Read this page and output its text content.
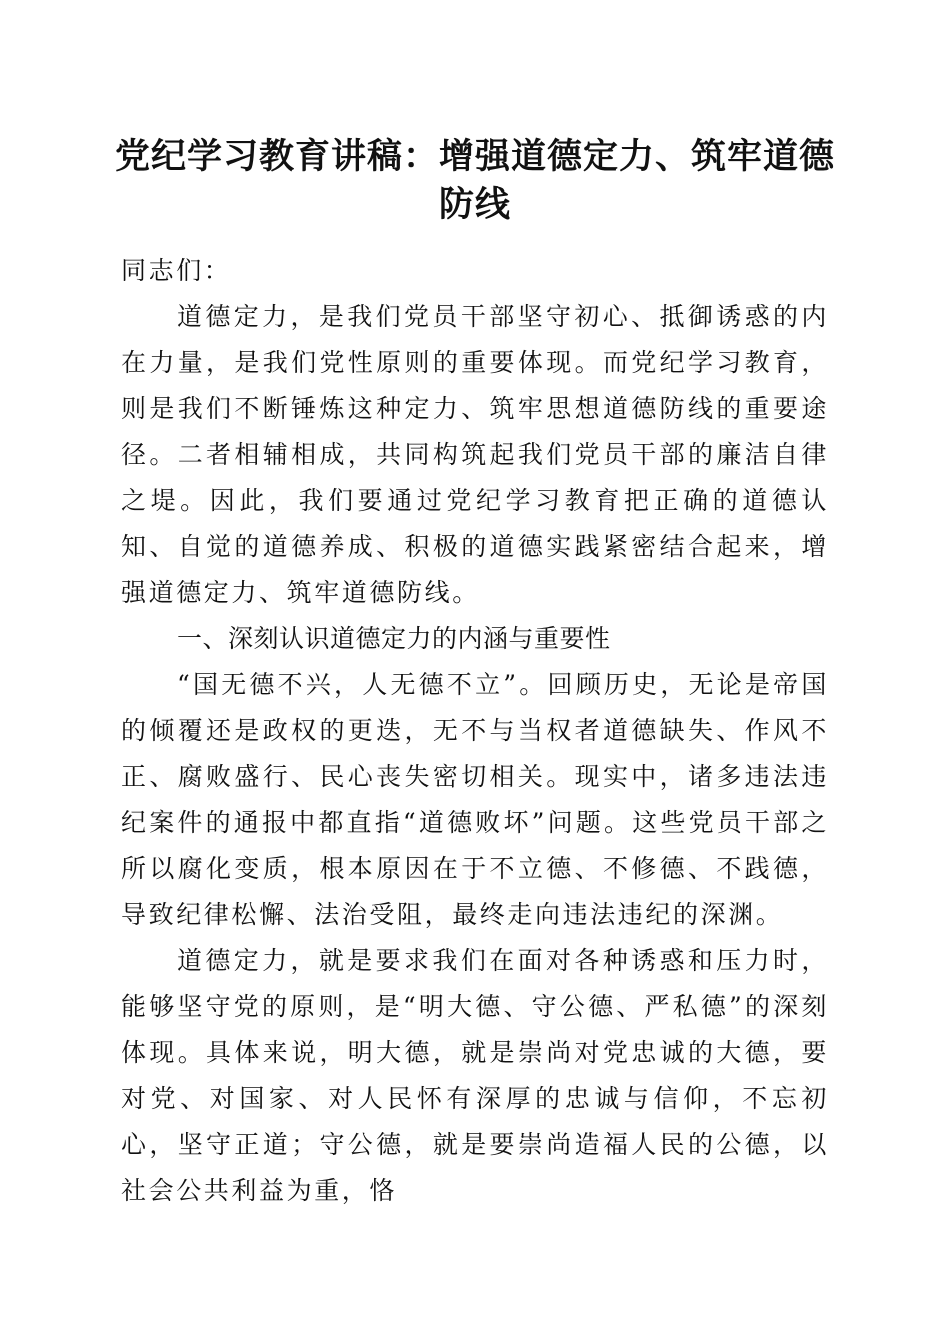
党纪学习教育讲稿：增强道德定力、筑牢道德防线

同志们：

道德定力，是我们党员干部坚守初心、抵御诱惑的内在力量，是我们党性原则的重要体现。而党纪学习教育，则是我们不断锤炼这种定力、筑牢思想道德防线的重要途径。二者相辅相成，共同构筑起我们党员干部的廉洁自律之堤。因此，我们要通过党纪学习教育把正确的道德认知、自觉的道德养成、积极的道德实践紧密结合起来，增强道德定力、筑牢道德防线。

一、深刻认识道德定力的内涵与重要性

“国无德不兴，人无德不立”。回顾历史，无论是帝国的倾覆还是政权的更迭，无不与当权者道德缺失、作风不正、腐败盛行、民心丧失密切相关。现实中，诸多违法违纪案件的通报中都直指“道德败坏”问题。这些党员干部之所以腐化变质，根本原因在于不立德、不修德、不践德，导致纪律松懈、法治受阻，最终走向违法违纪的深渊。

道德定力，就是要求我们在面对各种诱惑和压力时，能够坚守党的原则，是“明大德、守公德、严私德”的深刻体现。具体来说，明大德，就是崇尚对党忠诚的大德，要对党、对国家、对人民怀有深厚的忠诚与信仰，不忘初心，坚守正道；守公德，就是要崇尚造福人民的公德，以社会公共利益为重，恪
